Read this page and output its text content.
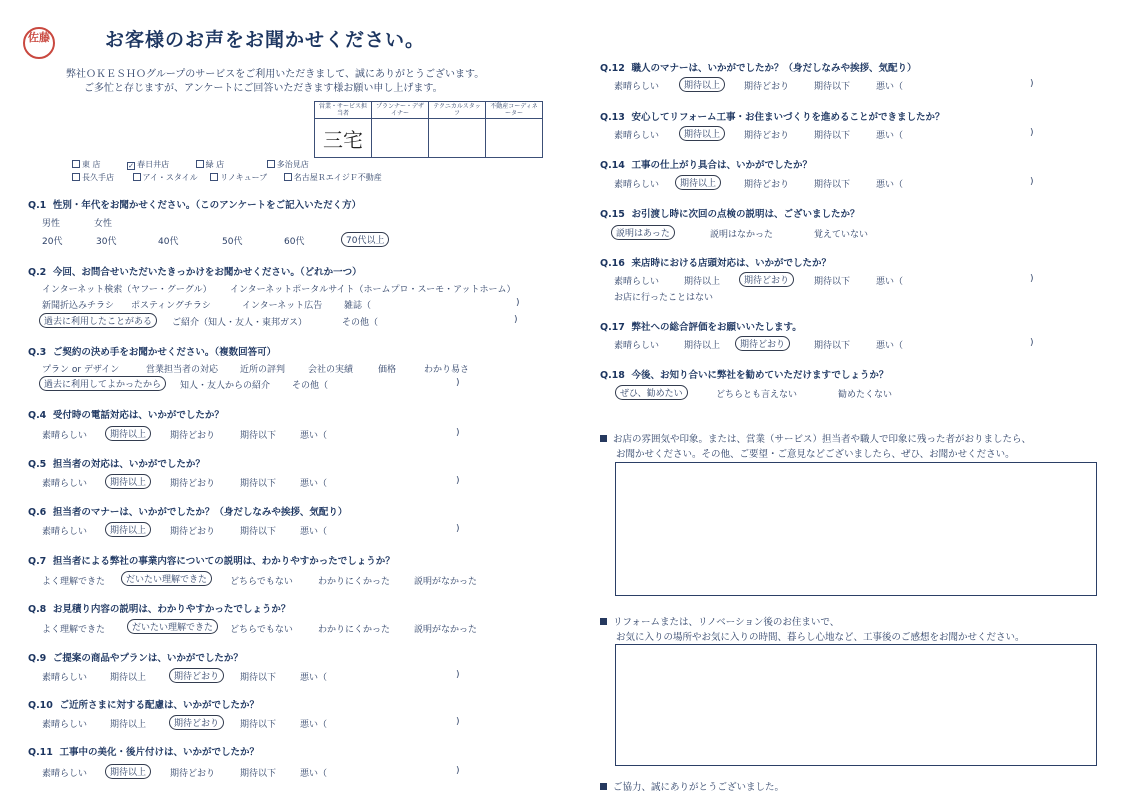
佐藤	お客様のお声をお聞かせください。
弊社ＯＫＥＳＨＯグループのサービスをご利用いただきまして、誠にありがとうございます。
ご多忙と存じますが、アンケートにご回答いただきます様お願い申し上げます。
営業・サービス担当者	プランナー・デザイナー	テクニカルスタッフ	不動産コーディネーター
三宅			
東 店	✓ 春日井店	緑 店	多治見店
長久手店	アイ・スタイル	リノキューブ	名古屋ＲエイジＦ不動産
Q.1 性別・年代をお聞かせください。（このアンケートをご記入いただく方）
男性	女性
20代	30代	40代	50代	60代	70代以上
Q.2 今回、お問合せいただいたきっかけをお聞かせください。（どれか一つ）
インターネット検索（ヤフー・グーグル） インターネットポータルサイト（ホームプロ・スーモ・アットホーム）
新聞折込みチラシ ポスティングチラシ	インターネット広告 雑誌（	)
過去に利用したことがある	ご紹介（知人・友人・東邦ガス）	その他（	)
Q.3 ご契約の決め手をお聞かせください。（複数回答可）
プラン or デザイン	営業担当者の対応 近所の評判	会社の実績	価格	わかり易さ
過去に利用してよかったから	知人・友人からの紹介 その他（	)
Q.4 受付時の電話対応は、いかがでしたか？
素晴らしい	期待以上	期待どおり	期待以下	悪い（	)
Q.5 担当者の対応は、いかがでしたか？
素晴らしい	期待以上	期待どおり	期待以下	悪い（	)
Q.6 担当者のマナーは、いかがでしたか？（身だしなみや挨拶、気配り）
素晴らしい	期待以上	期待どおり	期待以下	悪い（	)
Q.7 担当者による弊社の事業内容についての説明は、わかりやすかったでしょうか？
よく理解できた	だいたい理解できた	どちらでもない	わかりにくかった	説明がなかった
Q.8 お見積り内容の説明は、わかりやすかったでしょうか？
よく理解できた	だいたい理解できた	どちらでもない	わかりにくかった	説明がなかった
Q.9 ご提案の商品やプランは、いかがでしたか？
素晴らしい	期待以上	期待どおり	期待以下	悪い（	)
Q.10 ご近所さまに対する配慮は、いかがでしたか？
素晴らしい	期待以上	期待どおり	期待以下	悪い（	)
Q.11 工事中の美化・後片付けは、いかがでしたか？
素晴らしい	期待以上	期待どおり	期待以下	悪い（	)
Q.12 職人のマナーは、いかがでしたか？（身だしなみや挨拶、気配り）
素晴らしい	期待以上	期待どおり	期待以下	悪い（	)
Q.13 安心してリフォーム工事・お住まいづくりを進めることができましたか？
素晴らしい	期待以上	期待どおり	期待以下	悪い（	)
Q.14 工事の仕上がり具合は、いかがでしたか？
素晴らしい	期待以上	期待どおり	期待以下	悪い（	)
Q.15 お引渡し時に次回の点検の説明は、ございましたか？
説明はあった	説明はなかった	覚えていない
Q.16 来店時における店頭対応は、いかがでしたか？
素晴らしい	期待以上	期待どおり	期待以下	悪い（	)
お店に行ったことはない
Q.17 弊社への総合評価をお願いいたします。
素晴らしい	期待以上	期待どおり	期待以下	悪い（	)
Q.18 今後、お知り合いに弊社を勧めていただけますでしょうか？
ぜひ、勧めたい	どちらとも言えない	勧めたくない
お店の雰囲気や印象。または、営業（サービス）担当者や職人で印象に残った者がおりましたら、
お聞かせください。その他、ご要望・ご意見などございましたら、ぜひ、お聞かせください。
リフォームまたは、リノベーション後のお住まいで、
お気に入りの場所やお気に入りの時間、暮らし心地など、工事後のご感想をお聞かせください。
ご協力、誠にありがとうございました。
